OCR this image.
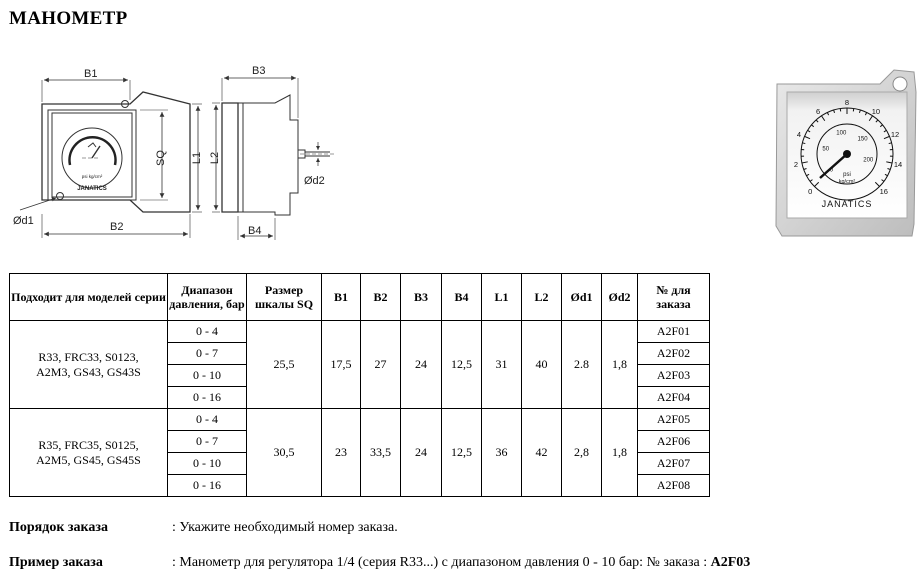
МАНОМЕТР
B1
B2
SQ L1
Ød1
JANATICS
psi kg/cm²
B3
B4
L2
Ød2
0
2
4
6
8
10
12
14
16
0
50
100
150
200
psi
kg/cm²
JANATICS
Подходит для моделей серии	Диапазон давления, бар	Размер шкалы SQ	B1	B2	B3	B4	L1	L2	Ød1	Ød2	№ для заказа
R33, FRC33, S0123, A2M3, GS43, GS43S	0 - 4	25,5	17,5	27	24	12,5	31	40	2.8	1,8	A2F01
	0 - 7										A2F02
	0 - 10										A2F03
	0 - 16										A2F04
R35, FRC35, S0125, A2M5, GS45, GS45S	0 - 4	30,5	23	33,5	24	12,5	36	42	2,8	1,8	A2F05
	0 - 7										A2F06
	0 - 10										A2F07
	0 - 16										A2F08
Порядок заказа	: Укажите необходимый номер заказа.
Пример заказа	: Манометр для регулятора 1/4 (серия R33...) с диапазоном давления 0 - 10 бар: № заказа : A2F03
